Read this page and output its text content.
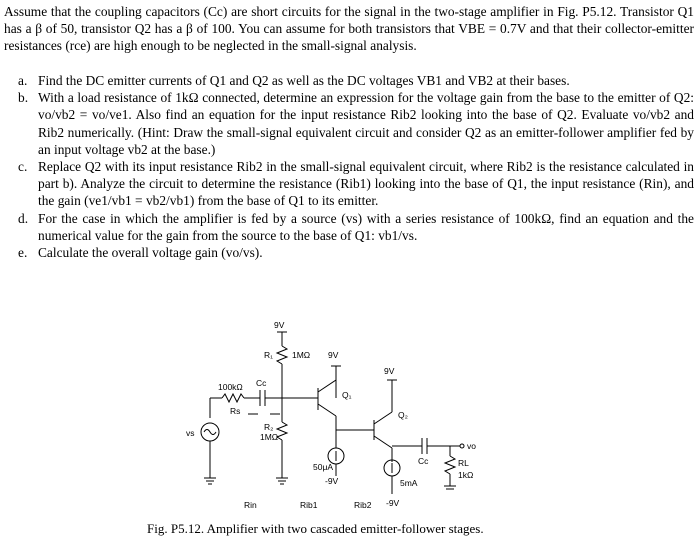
Assume that the coupling capacitors (Cc) are short circuits for the signal in the two-stage amplifier in Fig. P5.12. Transistor Q1 has a β of 50, transistor Q2 has a β of 100. You can assume for both transistors that VBE = 0.7V and that their collector-emitter resistances (rce) are high enough to be neglected in the small-signal analysis.
a. Find the DC emitter currents of Q1 and Q2 as well as the DC voltages VB1 and VB2 at their bases.
b. With a load resistance of 1kΩ connected, determine an expression for the voltage gain from the base to the emitter of Q2: vo/vb2 = vo/ve1. Also find an equation for the input resistance Rib2 looking into the base of Q2. Evaluate vo/vb2 and Rib2 numerically. (Hint: Draw the small-signal equivalent circuit and consider Q2 as an emitter-follower amplifier fed by an input voltage vb2 at the base.)
c. Replace Q2 with its input resistance Rib2 in the small-signal equivalent circuit, where Rib2 is the resistance calculated in part b). Analyze the circuit to determine the resistance (Rib1) looking into the base of Q1, the input resistance (Rin), and the gain (ve1/vb1 = vb2/vb1) from the base of Q1 to its emitter.
d. For the case in which the amplifier is fed by a source (vs) with a series resistance of 100kΩ, find an equation and the numerical value for the gain from the source to the base of Q1: vb1/vs.
e. Calculate the overall voltage gain (vo/vs).
9V
R₁ 1MΩ 9V
9V
100kΩ Cc
Rs
Q₁
Q₂
vs
R₂
1MΩ
50μA
-9V
Cc
5mA
RL
1kΩ
vo
Rin	Rib1	Rib2 -9V
Fig. P5.12. Amplifier with two cascaded emitter-follower stages.
